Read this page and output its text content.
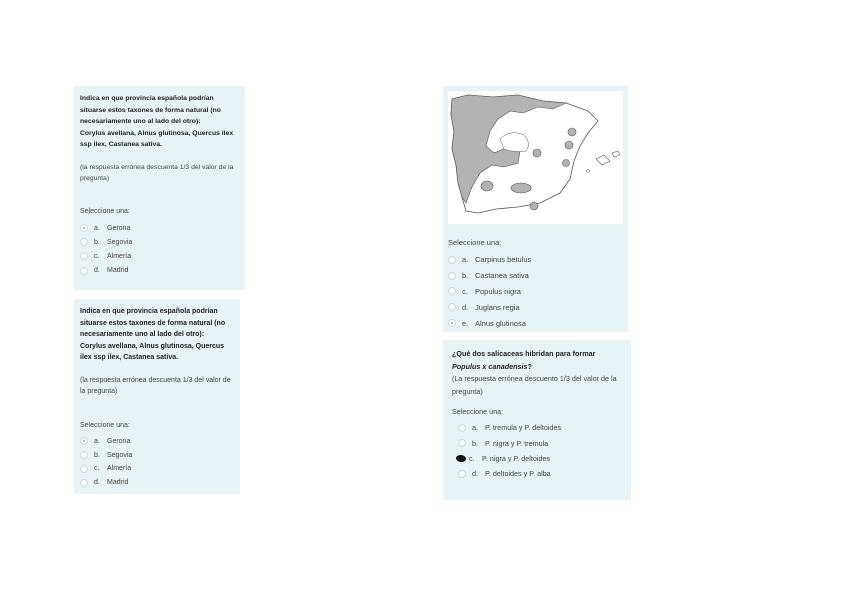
Indica en que provincia española podrían situarse estos taxones de forma natural (no necesariamente uno al lado del otro):

Corylus avellana, Alnus glutinosa, Quercus ilex ssp ilex, Castanea sativa.

(la respuesta errónea descuenta 1/3 del valor de la pregunta)

Seleccione una:

a.	Gerona
b.	Segovia
c.	Almería
d.	Madrid

Indica en que provincia española podrían situarse estos taxones de forma natural (no necesariamente uno al lado del otro):

Corylus avellana, Alnus glutinosa, Quercus ilex ssp ilex, Castanea sativa.

(la respuesta errónea descuenta 1/3 del valor de la pregunta)

Seleccione una:

a.	Gerona
b.	Segovia
c.	Almería
d.	Madrid

Seleccione una:

a. Carpinus betulus
b. Castanea sativa
c. Populus nigra
d. Juglans regia
e. Alnus glutinosa

¿Qué dos salicaceas hibridan para formar Populus x canadensis?

(La respuesta errónea descuento 1/3 del valor de la pregunta)

Seleccione una:

a. P. tremula y P. deltoides
b. P. nigra y P. tremula
c.	P. nigra y P. deltoides
d. P. deltoides y P. alba
